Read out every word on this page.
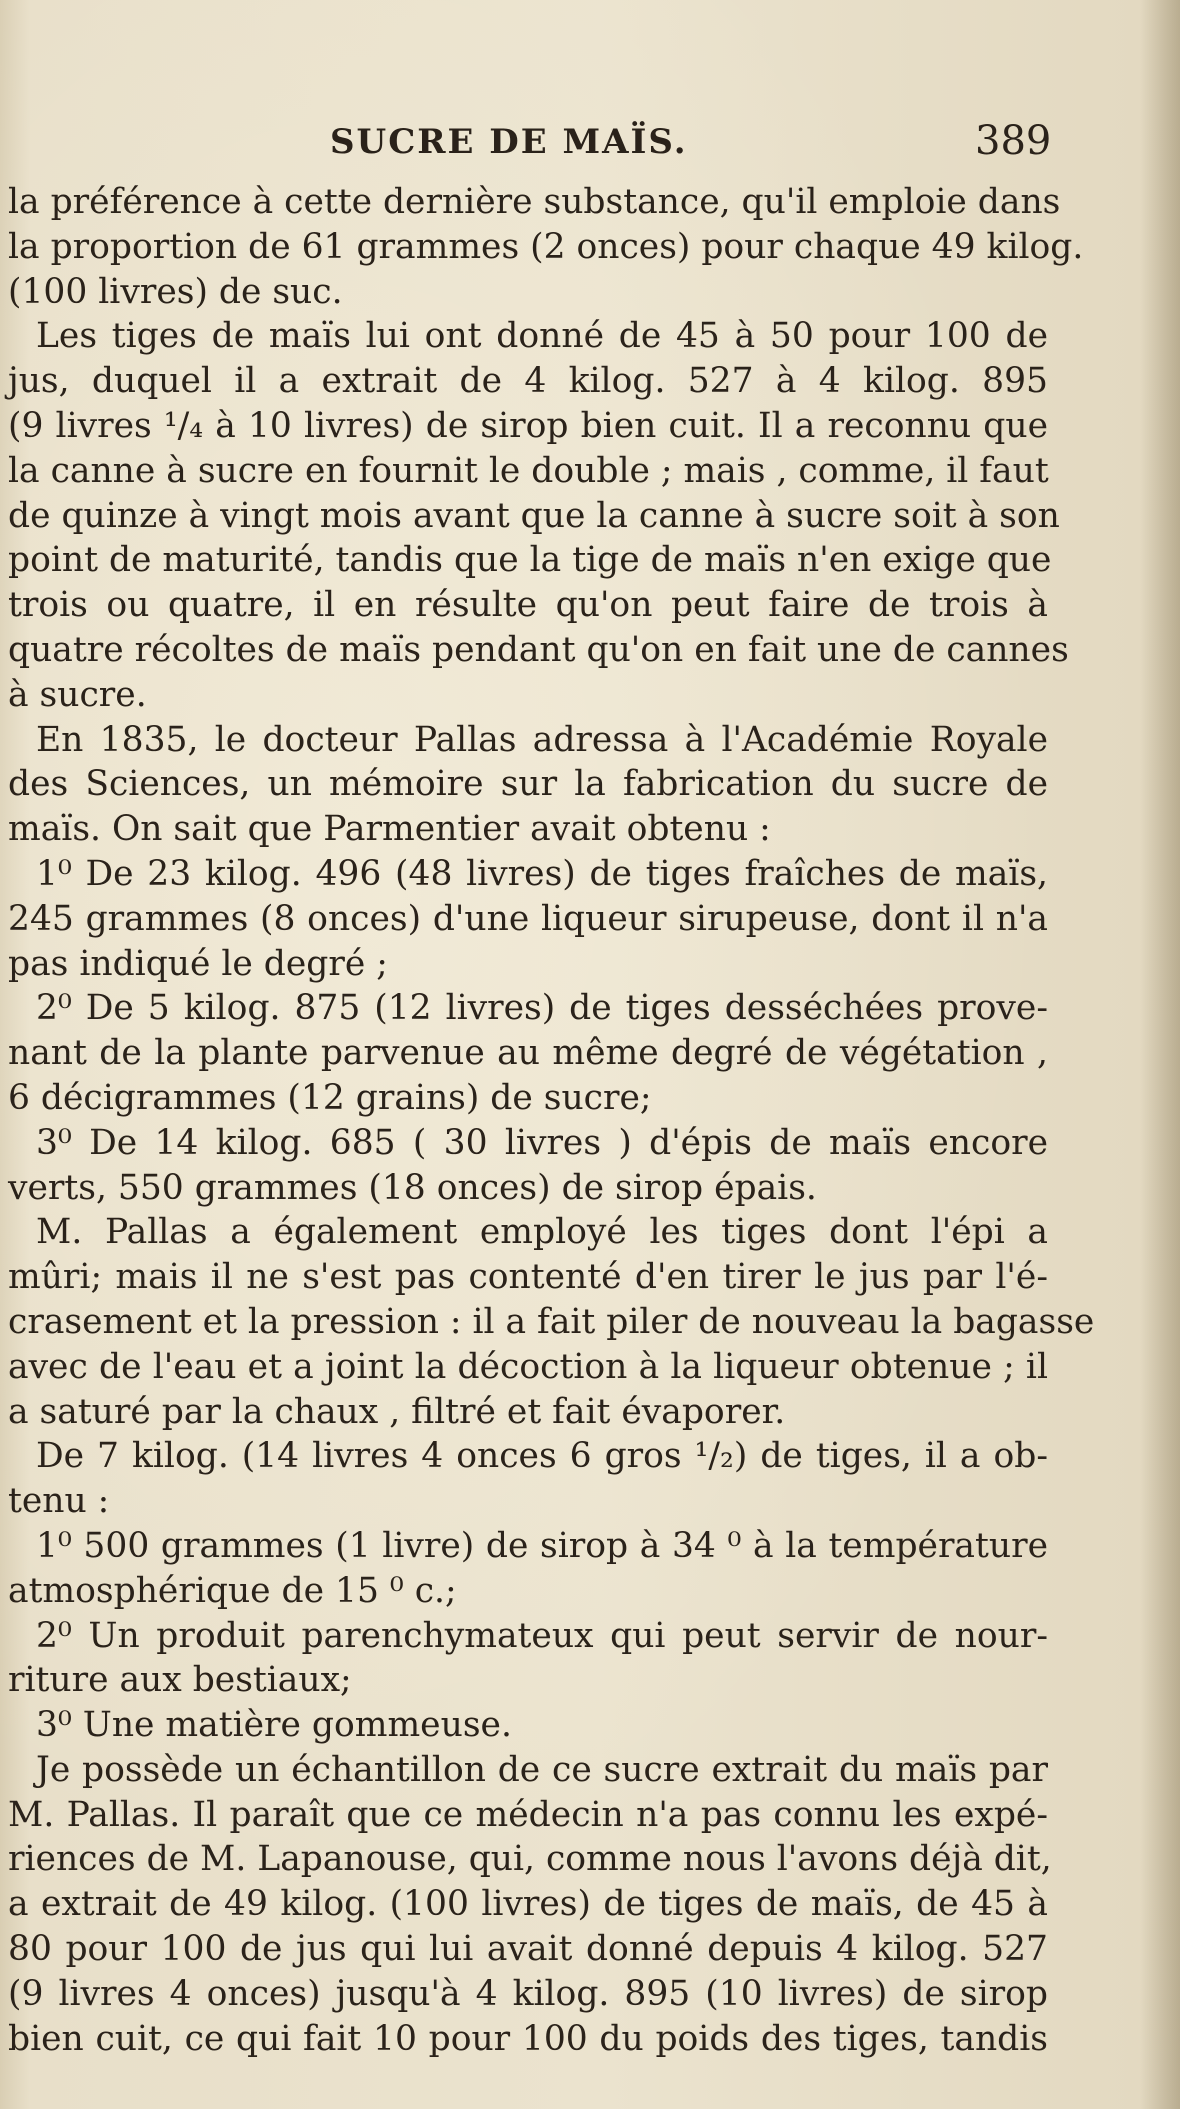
SUCRE DE MAÏS.	389
la préférence à cette dernière substance, qu'il emploie dans
la proportion de 61 grammes (2 onces) pour chaque 49 kilog.
(100 livres) de suc.
Les tiges de maïs lui ont donné de 45 à 50 pour 100 de
jus, duquel il a extrait de 4 kilog. 527 à 4 kilog. 895
(9 livres ¹/₄ à 10 livres) de sirop bien cuit. Il a reconnu que
la canne à sucre en fournit le double ; mais , comme, il faut
de quinze à vingt mois avant que la canne à sucre soit à son
point de maturité, tandis que la tige de maïs n'en exige que
trois ou quatre, il en résulte qu'on peut faire de trois à
quatre récoltes de maïs pendant qu'on en fait une de cannes
à sucre.
En 1835, le docteur Pallas adressa à l'Académie Royale
des Sciences, un mémoire sur la fabrication du sucre de
maïs. On sait que Parmentier avait obtenu :
1⁰ De 23 kilog. 496 (48 livres) de tiges fraîches de maïs,
245 grammes (8 onces) d'une liqueur sirupeuse, dont il n'a
pas indiqué le degré ;
2⁰ De 5 kilog. 875 (12 livres) de tiges desséchées prove-
nant de la plante parvenue au même degré de végétation ,
6 décigrammes (12 grains) de sucre;
3⁰ De 14 kilog. 685 ( 30 livres ) d'épis de maïs encore
verts, 550 grammes (18 onces) de sirop épais.
M. Pallas a également employé les tiges dont l'épi a
mûri; mais il ne s'est pas contenté d'en tirer le jus par l'é-
crasement et la pression : il a fait piler de nouveau la bagasse
avec de l'eau et a joint la décoction à la liqueur obtenue ; il
a saturé par la chaux , filtré et fait évaporer.
De 7 kilog. (14 livres 4 onces 6 gros ¹/₂) de tiges, il a ob-
tenu :
1⁰ 500 grammes (1 livre) de sirop à 34 ⁰ à la température
atmosphérique de 15 ⁰ c.;
2⁰ Un produit parenchymateux qui peut servir de nour-
riture aux bestiaux;
3⁰ Une matière gommeuse.
Je possède un échantillon de ce sucre extrait du maïs par
M. Pallas. Il paraît que ce médecin n'a pas connu les expé-
riences de M. Lapanouse, qui, comme nous l'avons déjà dit,
a extrait de 49 kilog. (100 livres) de tiges de maïs, de 45 à
80 pour 100 de jus qui lui avait donné depuis 4 kilog. 527
(9 livres 4 onces) jusqu'à 4 kilog. 895 (10 livres) de sirop
bien cuit, ce qui fait 10 pour 100 du poids des tiges, tandis
